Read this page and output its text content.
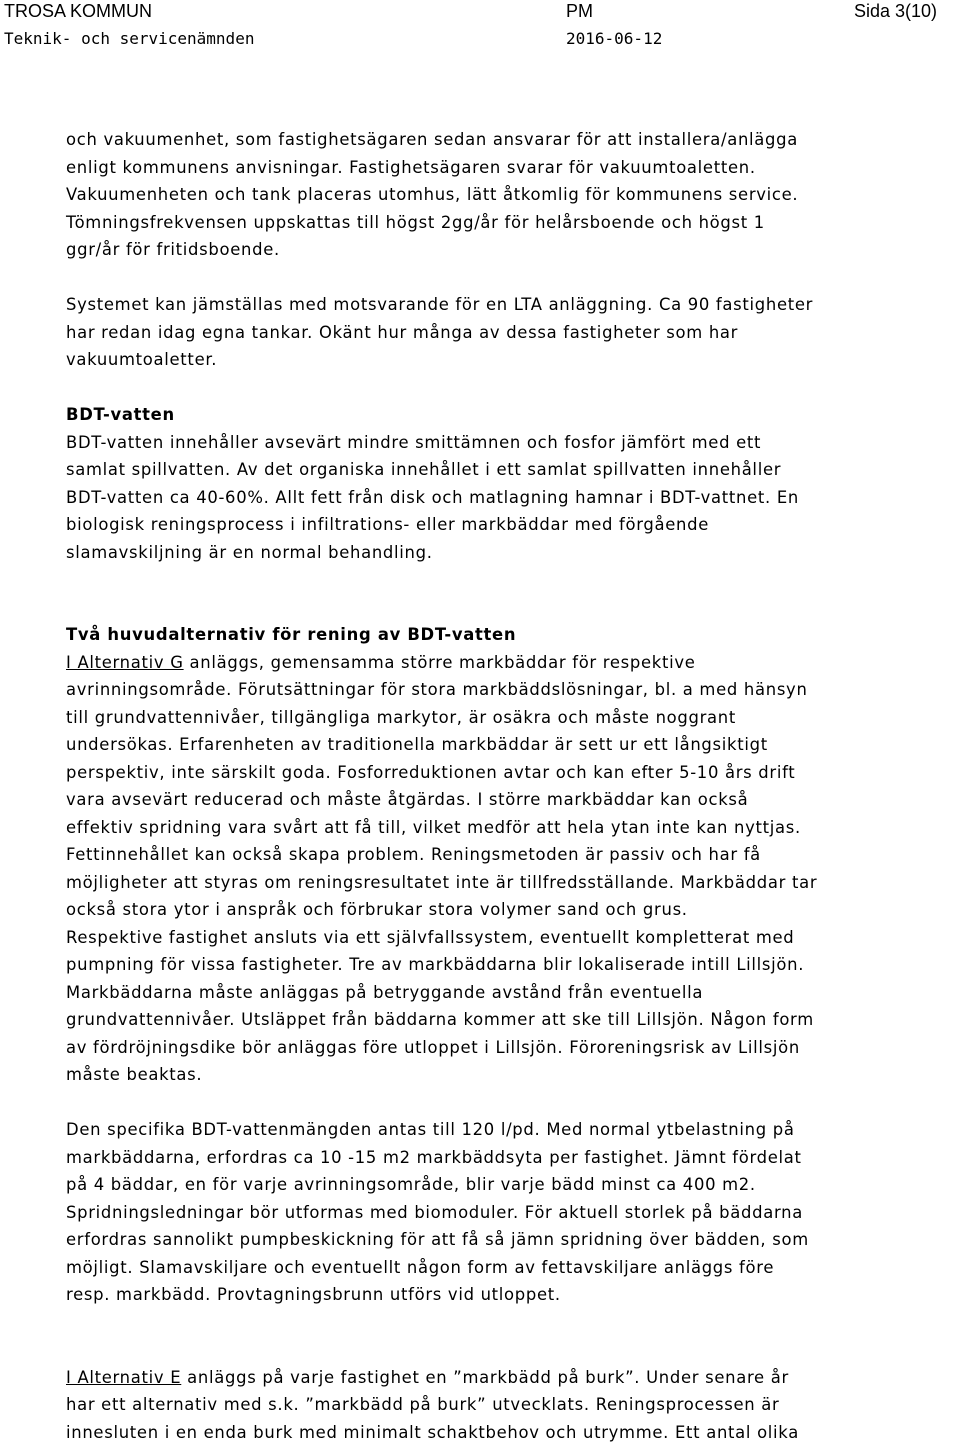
TROSA KOMMUN	PM	Sida 3(10)
Teknik- och servicenämnden	2016-06-12

och vakuumenhet, som fastighetsägaren sedan ansvarar för att installera/anlägga
enligt kommunens anvisningar. Fastighetsägaren svarar för vakuumtoaletten.
Vakuumenheten och tank placeras utomhus, lätt åtkomlig för kommunens service.
Tömningsfrekvensen uppskattas till högst 2gg/år för helårsboende och högst 1
ggr/år för fritidsboende.

Systemet kan jämställas med motsvarande för en LTA anläggning. Ca 90 fastigheter
har redan idag egna tankar. Okänt hur många av dessa fastigheter som har
vakuumtoaletter.

BDT-vatten

BDT-vatten innehåller avsevärt mindre smittämnen och fosfor jämfört med ett
samlat spillvatten. Av det organiska innehållet i ett samlat spillvatten innehåller
BDT-vatten ca 40-60%. Allt fett från disk och matlagning hamnar i BDT-vattnet. En
biologisk reningsprocess i infiltrations- eller markbäddar med förgående
slamavskiljning är en normal behandling.

Två huvudalternativ för rening av BDT-vatten

I Alternativ G anläggs, gemensamma större markbäddar för respektive
avrinningsområde. Förutsättningar för stora markbäddslösningar, bl. a med hänsyn
till grundvattennivåer, tillgängliga markytor, är osäkra och måste noggrant
undersökas. Erfarenheten av traditionella markbäddar är sett ur ett långsiktigt
perspektiv, inte särskilt goda. Fosforreduktionen avtar och kan efter 5-10 års drift
vara avsevärt reducerad och måste åtgärdas. I större markbäddar kan också
effektiv spridning vara svårt att få till, vilket medför att hela ytan inte kan nyttjas.
Fettinnehållet kan också skapa problem. Reningsmetoden är passiv och har få
möjligheter att styras om reningsresultatet inte är tillfredsställande. Markbäddar tar
också stora ytor i anspråk och förbrukar stora volymer sand och grus.
Respektive fastighet ansluts via ett självfallssystem, eventuellt kompletterat med
pumpning för vissa fastigheter. Tre av markbäddarna blir lokaliserade intill Lillsjön.
Markbäddarna måste anläggas på betryggande avstånd från eventuella
grundvattennivåer. Utsläppet från bäddarna kommer att ske till Lillsjön. Någon form
av fördröjningsdike bör anläggas före utloppet i Lillsjön. Föroreningsrisk av Lillsjön
måste beaktas.

Den specifika BDT-vattenmängden antas till 120 l/pd. Med normal ytbelastning på
markbäddarna, erfordras ca 10 -15 m2 markbäddsyta per fastighet. Jämnt fördelat
på 4 bäddar, en för varje avrinningsområde, blir varje bädd minst ca 400 m2.
Spridningsledningar bör utformas med biomoduler. För aktuell storlek på bäddarna
erfordras sannolikt pumpbeskickning för att få så jämn spridning över bädden, som
möjligt. Slamavskiljare och eventuellt någon form av fettavskiljare anläggs före
resp. markbädd. Provtagningsbrunn utförs vid utloppet.

I Alternativ E anläggs på varje fastighet en ”markbädd på burk”. Under senare år
har ett alternativ med s.k. ”markbädd på burk” utvecklats. Reningsprocessen är
innesluten i en enda burk med minimalt schaktbehov och utrymme. Ett antal olika
